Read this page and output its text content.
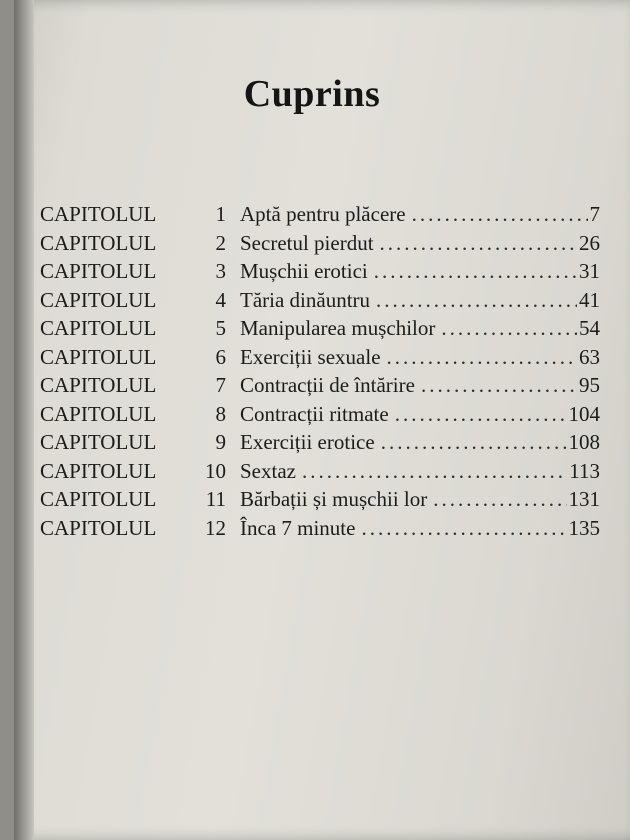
Cuprins
CAPITOLUL	1 Aptă pentru plăcere .....	7
CAPITOLUL	2 Secretul pierdut .....	26
CAPITOLUL	3 Mușchii erotici .....	31
CAPITOLUL	4 Tăria dinăuntru .....	41
CAPITOLUL	5 Manipularea mușchilor .....	54
CAPITOLUL	6 Exerciții sexuale .....	63
CAPITOLUL	7 Contracții de întărire .....	95
CAPITOLUL	8 Contracții ritmate .....	104
CAPITOLUL	9 Exerciții erotice .....	108
CAPITOLUL	10 Sextaz .....	113
CAPITOLUL	11 Bărbații și mușchii lor .....	131
CAPITOLUL	12 Înca 7 minute .....	135
